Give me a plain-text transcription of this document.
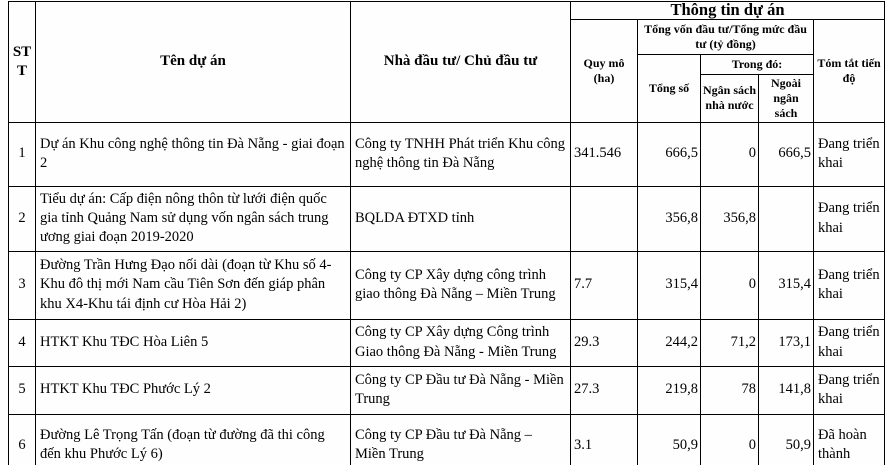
STT	Tên dự án	Nhà đầu tư/ Chủ đầu tư	Thông tin dự án				
			Quy mô (ha)	Tổng vốn đầu tư/Tổng mức đầu tư (tỷ đồng)			Tóm tắt tiến độ
				Tổng số	Trong đó:		
					Ngân sách nhà nước	Ngoài ngân sách	
1	Dự án Khu công nghệ thông tin Đà Nẵng - giai đoạn 2	Công ty TNHH Phát triển Khu công nghệ thông tin Đà Nẵng	341.546	666,5	0	666,5	Đang triển khai
2	Tiểu dự án: Cấp điện nông thôn từ lưới điện quốc gia tỉnh Quảng Nam sử dụng vốn ngân sách trung ương giai đoạn 2019-2020	BQLDA ĐTXD tỉnh		356,8	356,8		Đang triển khai
3	Đường Trần Hưng Đạo nối dài (đoạn từ Khu số 4-Khu đô thị mới Nam cầu Tiên Sơn đến giáp phân khu X4-Khu tái định cư Hòa Hải 2)	Công ty CP Xây dựng công trình giao thông Đà Nẵng – Miền Trung	7.7	315,4	0	315,4	Đang triển khai
4	HTKT Khu TĐC Hòa Liên 5	Công ty CP Xây dựng Công trình Giao thông Đà Nẵng - Miền Trung	29.3	244,2	71,2	173,1	Đang triển khai
5	HTKT Khu TĐC Phước Lý 2	Công ty CP Đầu tư Đà Nẵng - Miền Trung	27.3	219,8	78	141,8	Đang triển khai
6	Đường Lê Trọng Tấn (đoạn từ đường đã thi công đến khu Phước Lý 6)	Công ty CP Đầu tư Đà Nẵng – Miền Trung	3.1	50,9	0	50,9	Đã hoàn thành
